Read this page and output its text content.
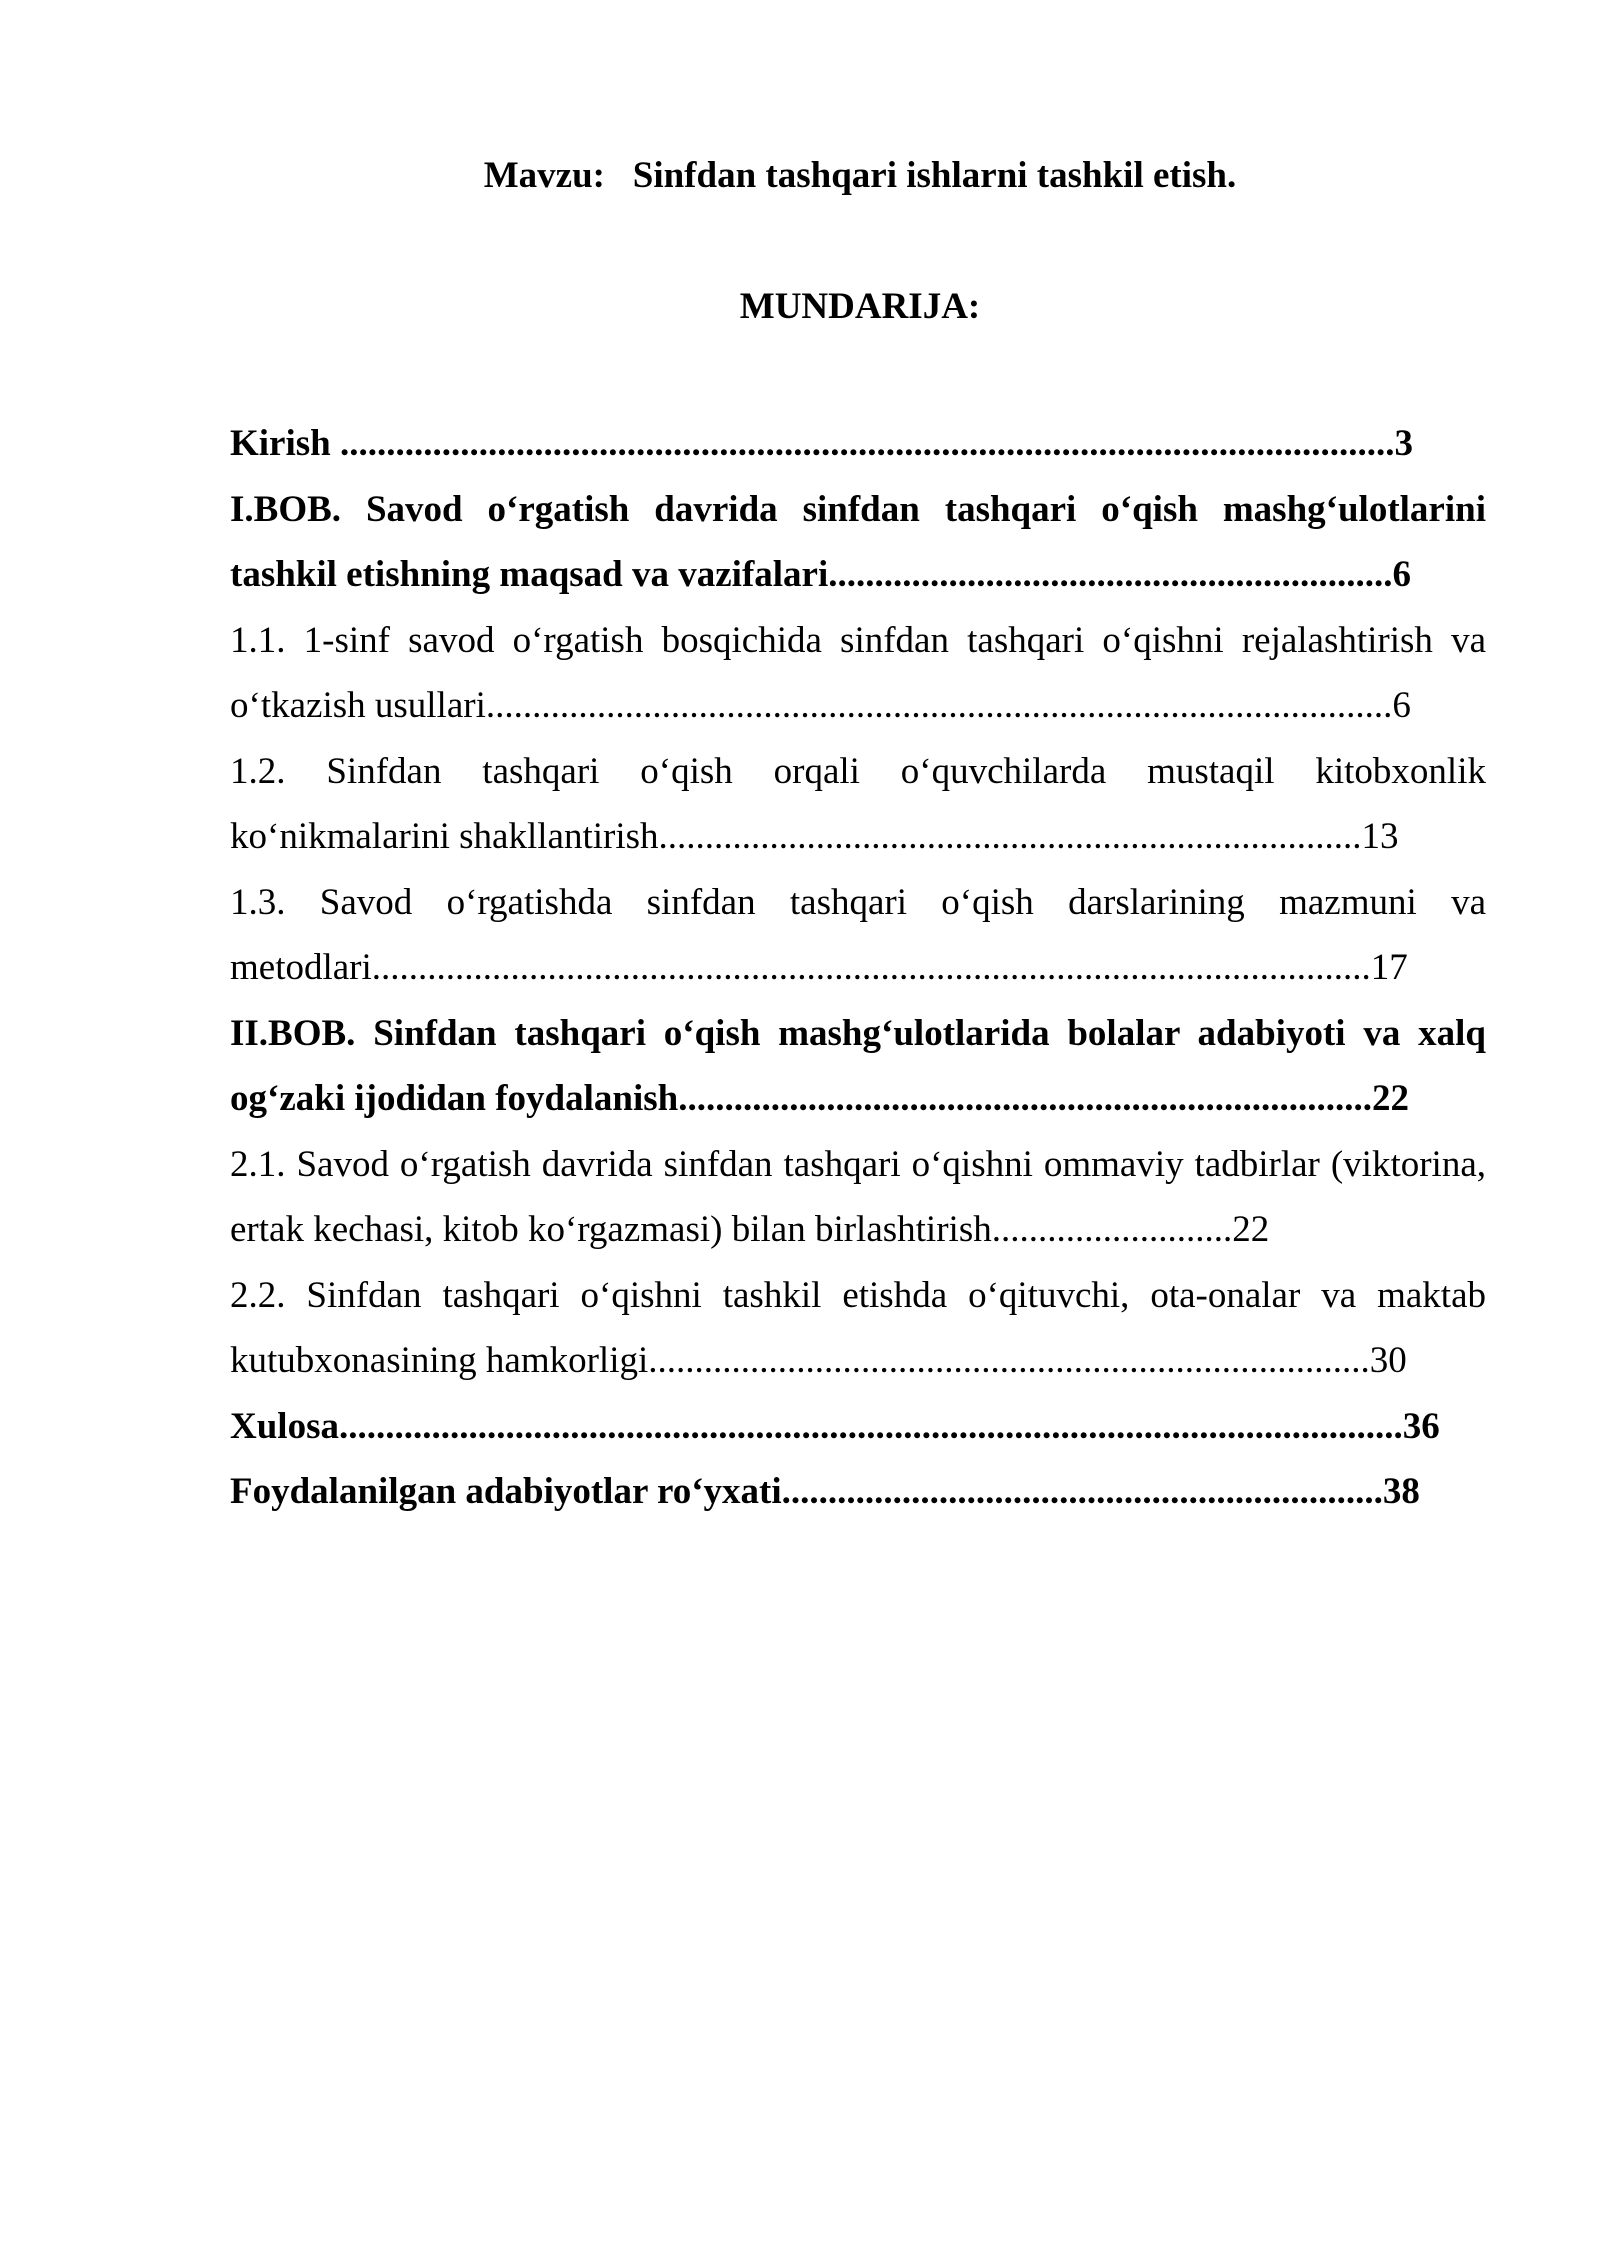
Mavzu:   Sinfdan tashqari ishlarni tashkil etish.
MUNDARIJA:
Kirish ..................................................................................................................3
I.BOB. Savod o‘rgatish davrida sinfdan tashqari o‘qish mashg‘ulotlarini tashkil etishning maqsad va vazifalari.............................................................6
1.1. 1-sinf savod o‘rgatish bosqichida sinfdan tashqari o‘qishni rejalashtirish va o‘tkazish usullari..................................................................................................6
1.2. Sinfdan tashqari o‘qish orqali o‘quvchilarda mustaqil kitobxonlik ko‘nikmalarini shakllantirish............................................................................13
1.3. Savod o‘rgatishda sinfdan tashqari o‘qish darslarining mazmuni va metodlari............................................................................................................17
II.BOB. Sinfdan tashqari o‘qish mashg‘ulotlarida bolalar adabiyoti va xalq og‘zaki ijodidan foydalanish...........................................................................22
2.1. Savod o‘rgatish davrida sinfdan tashqari o‘qishni ommaviy tadbirlar (viktorina, ertak kechasi, kitob ko‘rgazmasi) bilan birlashtirish..........................22
2.2. Sinfdan tashqari o‘qishni tashkil etishda o‘qituvchi, ota-onalar va maktab kutubxonasining hamkorligi..............................................................................30
Xulosa...................................................................................................................36
Foydalanilgan adabiyotlar ro‘yxati.................................................................38
